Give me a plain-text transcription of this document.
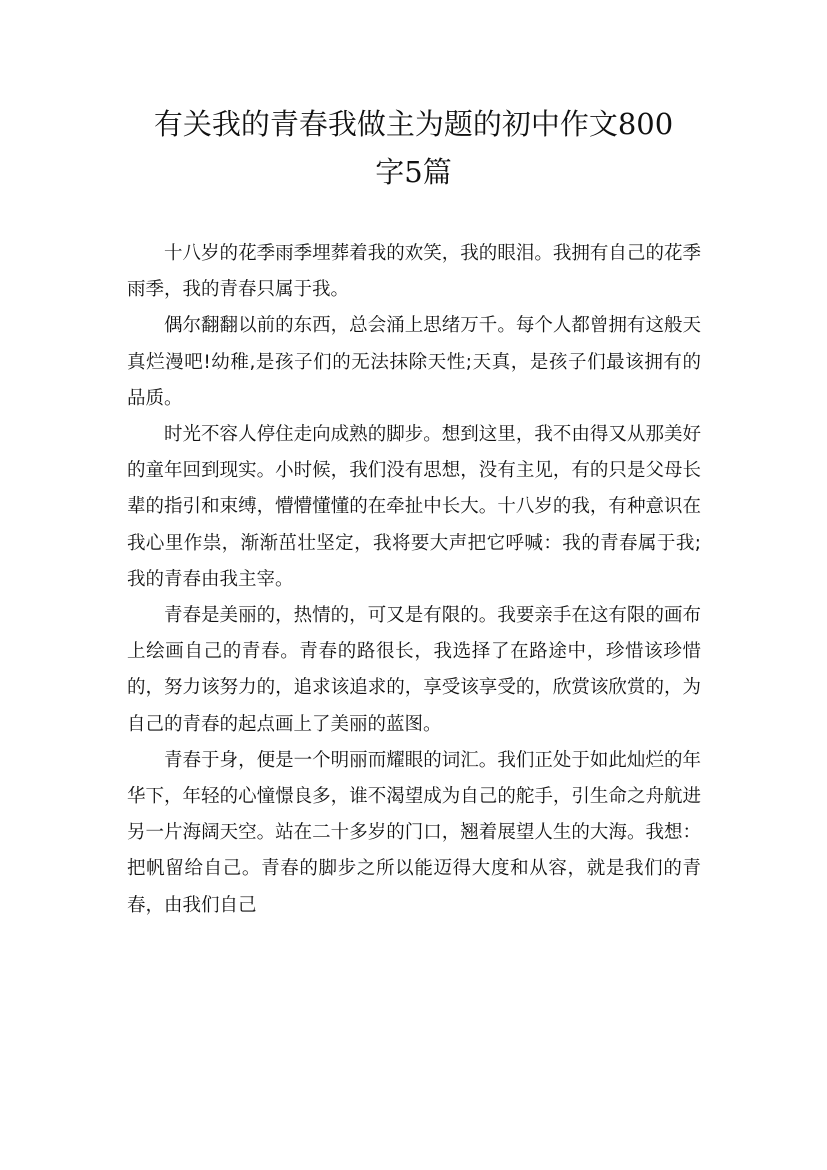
有关我的青春我做主为题的初中作文800
字5篇

十八岁的花季雨季埋葬着我的欢笑，我的眼泪。我拥有自己的花季雨季，我的青春只属于我。

偶尔翻翻以前的东西，总会涌上思绪万千。每个人都曾拥有这般天真烂漫吧!幼稚,是孩子们的无法抹除天性;天真，是孩子们最该拥有的品质。

时光不容人停住走向成熟的脚步。想到这里，我不由得又从那美好的童年回到现实。小时候，我们没有思想，没有主见，有的只是父母长辈的指引和束缚，懵懵懂懂的在牵扯中长大。十八岁的我，有种意识在我心里作祟，渐渐茁壮坚定，我将要大声把它呼喊：我的青春属于我;我的青春由我主宰。

青春是美丽的，热情的，可又是有限的。我要亲手在这有限的画布上绘画自己的青春。青春的路很长，我选择了在路途中，珍惜该珍惜的，努力该努力的，追求该追求的，享受该享受的，欣赏该欣赏的，为自己的青春的起点画上了美丽的蓝图。

青春于身，便是一个明丽而耀眼的词汇。我们正处于如此灿烂的年华下，年轻的心憧憬良多，谁不渴望成为自己的舵手，引生命之舟航进另一片海阔天空。站在二十多岁的门口，翘着展望人生的大海。我想：把帆留给自己。青春的脚步之所以能迈得大度和从容，就是我们的青春，由我们自己
